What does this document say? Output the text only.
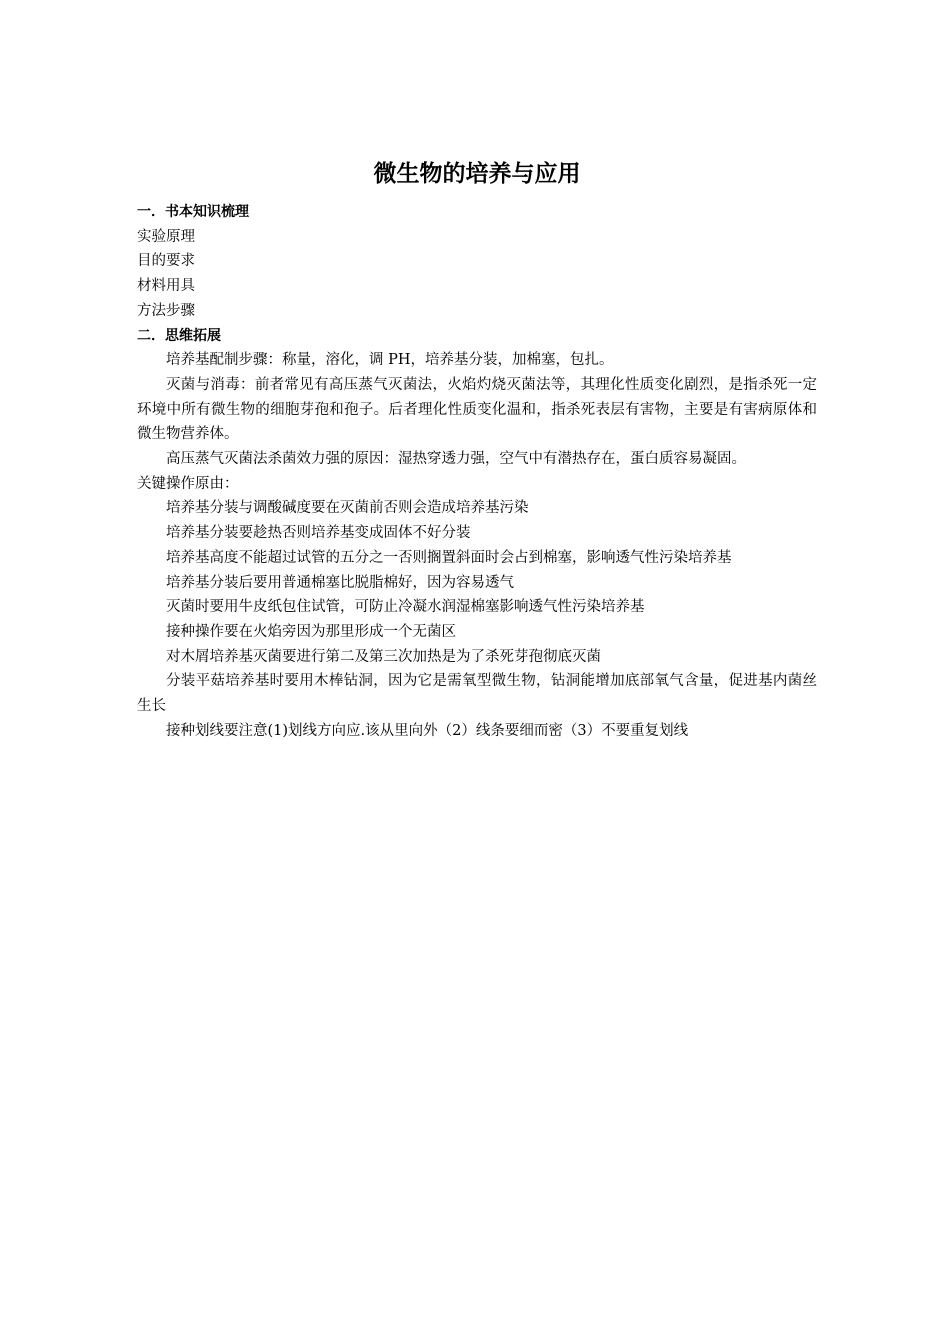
微生物的培养与应用

一．书本知识梳理

实验原理

目的要求

材料用具

方法步骤

二．思维拓展

培养基配制步骤：称量，溶化，调 PH，培养基分装，加棉塞，包扎。

灭菌与消毒：前者常见有高压蒸气灭菌法，火焰灼烧灭菌法等，其理化性质变化剧烈，是指杀死一定环境中所有微生物的细胞芽孢和孢子。后者理化性质变化温和，指杀死表层有害物，主要是有害病原体和微生物营养体。

高压蒸气灭菌法杀菌效力强的原因：湿热穿透力强，空气中有潜热存在，蛋白质容易凝固。

关键操作原由：

培养基分装与调酸碱度要在灭菌前否则会造成培养基污染

培养基分装要趁热否则培养基变成固体不好分装

培养基高度不能超过试管的五分之一否则搁置斜面时会占到棉塞，影响透气性污染培养基

培养基分装后要用普通棉塞比脱脂棉好，因为容易透气

灭菌时要用牛皮纸包住试管，可防止冷凝水润湿棉塞影响透气性污染培养基

接种操作要在火焰旁因为那里形成一个无菌区

对木屑培养基灭菌要进行第二及第三次加热是为了杀死芽孢彻底灭菌

分装平菇培养基时要用木棒钻洞，因为它是需氧型微生物，钻洞能增加底部氧气含量，促进基内菌丝生长

接种划线要注意(1)划线方向应.该从里向外（2）线条要细而密（3）不要重复划线
